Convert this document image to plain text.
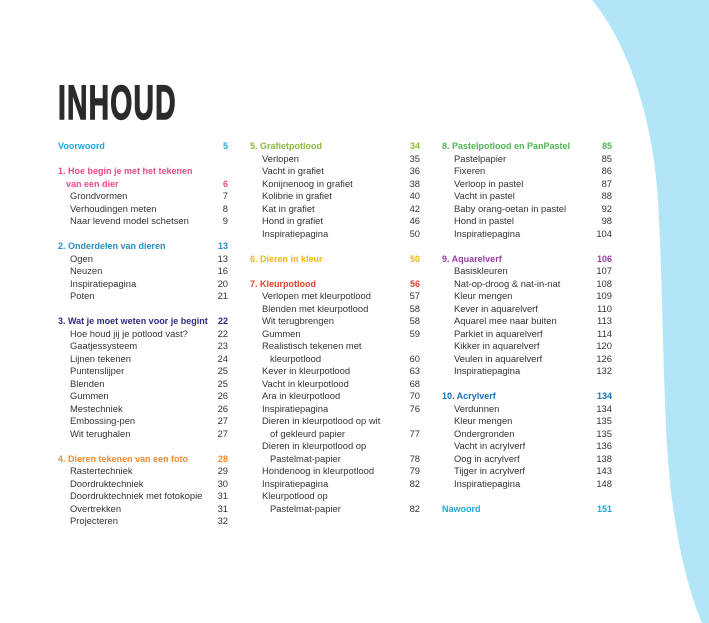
INHOUD
Voorwoord	5
1. Hoe begin je met het tekenen
van een dier	6
Grondvormen	7
Verhoudingen meten	8
Naar levend model schetsen	9
2. Onderdelen van dieren	13
Ogen	13
Neuzen	16
Inspiratiepagina	20
Poten	21
3. Wat je moet weten voor je begint	22
Hoe houd jij je potlood vast?	22
Gaatjessysteem	23
Lijnen tekenen	24
Puntenslijper	25
Blenden	25
Gummen	26
Mestechniek	26
Embossing-pen	27
Wit terughalen	27
4. Dieren tekenen van een foto	28
Rastertechniek	29
Doordruktechniek	30
Doordruktechniek met fotokopie	31
Overtrekken	31
Projecteren	32
5. Grafietpotlood	34
Verlopen	35
Vacht in grafiet	36
Konijnenoog in grafiet	38
Kolibrie in grafiet	40
Kat in grafiet	42
Hond in grafiet	46
Inspiratiepagina	50
6. Dieren in kleur	50
7. Kleurpotlood	56
Verlopen met kleurpotlood	57
Blenden met kleurpotlood	58
Wit terugbrengen	58
Gummen	59
Realistisch tekenen met
kleurpotlood	60
Kever in kleurpotlood	63
Vacht in kleurpotlood	68
Ara in kleurpotlood	70
Inspiratiepagina	76
Dieren in kleurpotlood op wit
of gekleurd papier	77
Dieren in kleurpotlood op
Pastelmat-papier	78
Hondenoog in kleurpotlood	79
Inspiratiepagina	82
Kleurpotlood op
Pastelmat-papier	82
8. Pastelpotlood en PanPastel	85
Pastelpapier	85
Fixeren	86
Verloop in pastel	87
Vacht in pastel	88
Baby orang-oetan in pastel	92
Hond in pastel	98
Inspiratiepagina	104
9. Aquarelverf	106
Basiskleuren	107
Nat-op-droog & nat-in-nat	108
Kleur mengen	109
Kever in aquarelverf	110
Aquarel mee naar buiten	113
Parkiet in aquarelverf	114
Kikker in aquarelverf	120
Veulen in aquarelverf	126
Inspiratiepagina	132
10. Acrylverf	134
Verdunnen	134
Kleur mengen	135
Ondergronden	135
Vacht in acrylverf	136
Oog in acrylverf	138
Tijger in acrylverf	143
Inspiratiepagina	148
Nawoord	151
